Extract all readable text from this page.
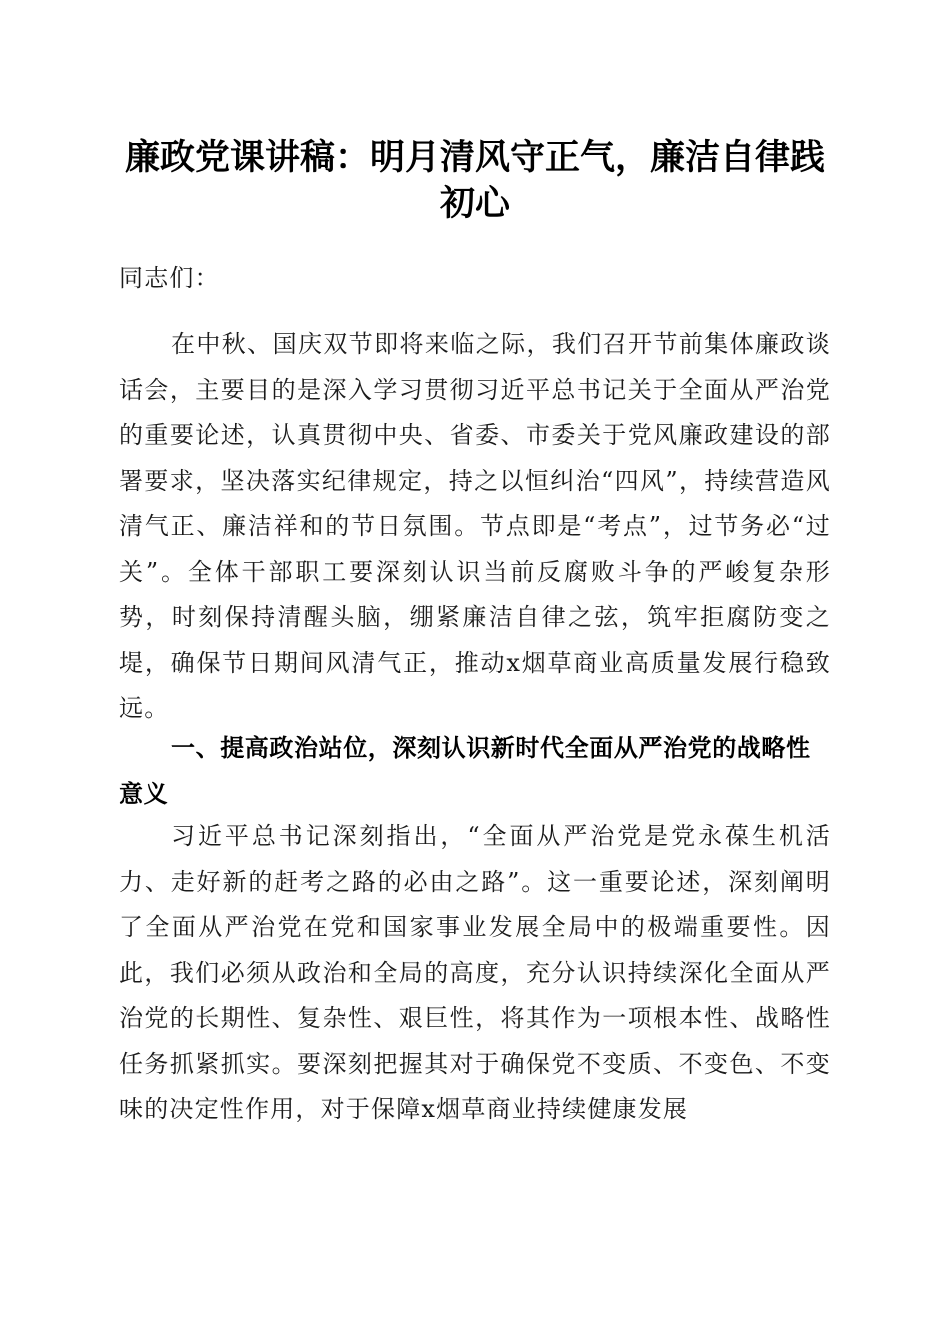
廉政党课讲稿：明月清风守正气，廉洁自律践初心

同志们：

在中秋、国庆双节即将来临之际，我们召开节前集体廉政谈话会，主要目的是深入学习贯彻习近平总书记关于全面从严治党的重要论述，认真贯彻中央、省委、市委关于党风廉政建设的部署要求，坚决落实纪律规定，持之以恒纠治“四风”，持续营造风清气正、廉洁祥和的节日氛围。节点即是“考点”，过节务必“过关”。全体干部职工要深刻认识当前反腐败斗争的严峻复杂形势，时刻保持清醒头脑，绷紧廉洁自律之弦，筑牢拒腐防变之堤，确保节日期间风清气正，推动x烟草商业高质量发展行稳致远。

一、提高政治站位，深刻认识新时代全面从严治党的战略性意义

习近平总书记深刻指出，“全面从严治党是党永葆生机活力、走好新的赶考之路的必由之路”。这一重要论述，深刻阐明了全面从严治党在党和国家事业发展全局中的极端重要性。因此，我们必须从政治和全局的高度，充分认识持续深化全面从严治党的长期性、复杂性、艰巨性，将其作为一项根本性、战略性任务抓紧抓实。要深刻把握其对于确保党不变质、不变色、不变味的决定性作用，对于保障x烟草商业持续健康发展
